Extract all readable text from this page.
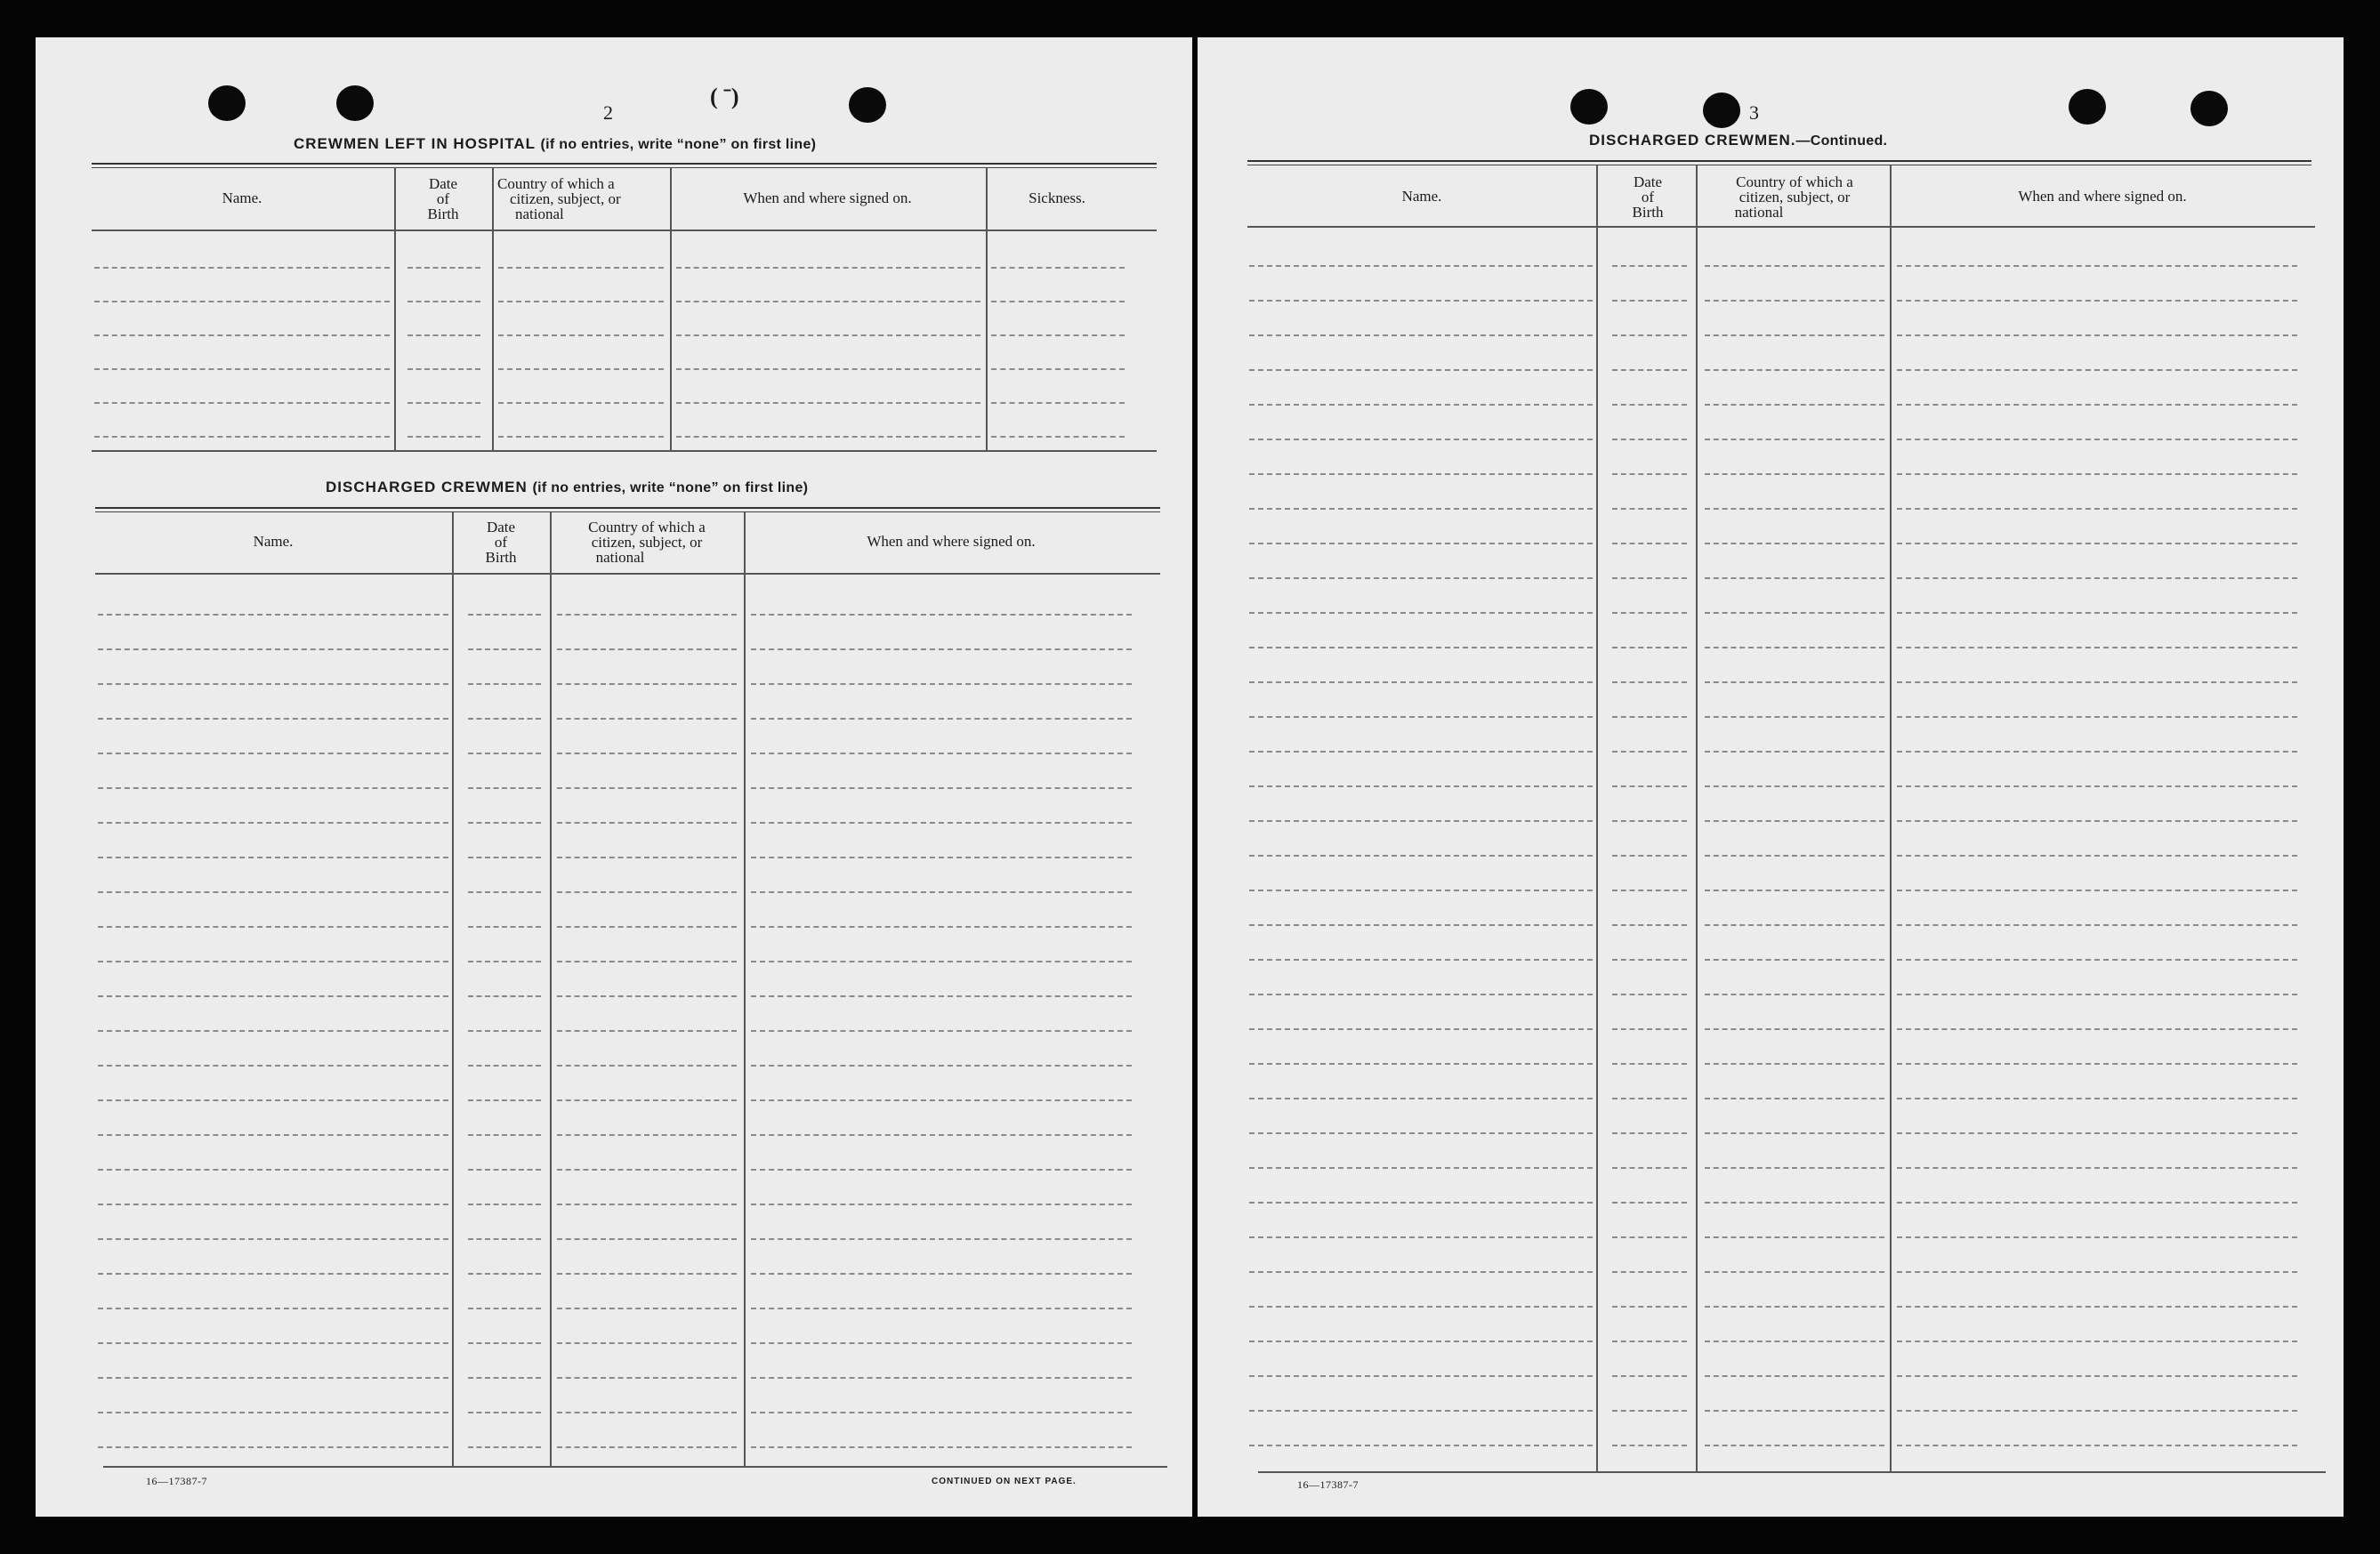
2
( ˉ)
CREWMEN LEFT IN HOSPITAL (if no entries, write “none” on first line)
Name.
Date
of
Birth
Country of which a
citizen, subject, or
national
When and where signed on.	Sickness.
DISCHARGED CREWMEN (if no entries, write “none” on first line)
Name.
Date
of
Birth
Country of which a
citizen, subject, or
national
When and where signed on.
16—17387-7	CONTINUED ON NEXT PAGE.
3
DISCHARGED CREWMEN.—Continued.
Name.
Date
of
Birth
Country of which a
citizen, subject, or
national
When and where signed on.
16—17387-7
